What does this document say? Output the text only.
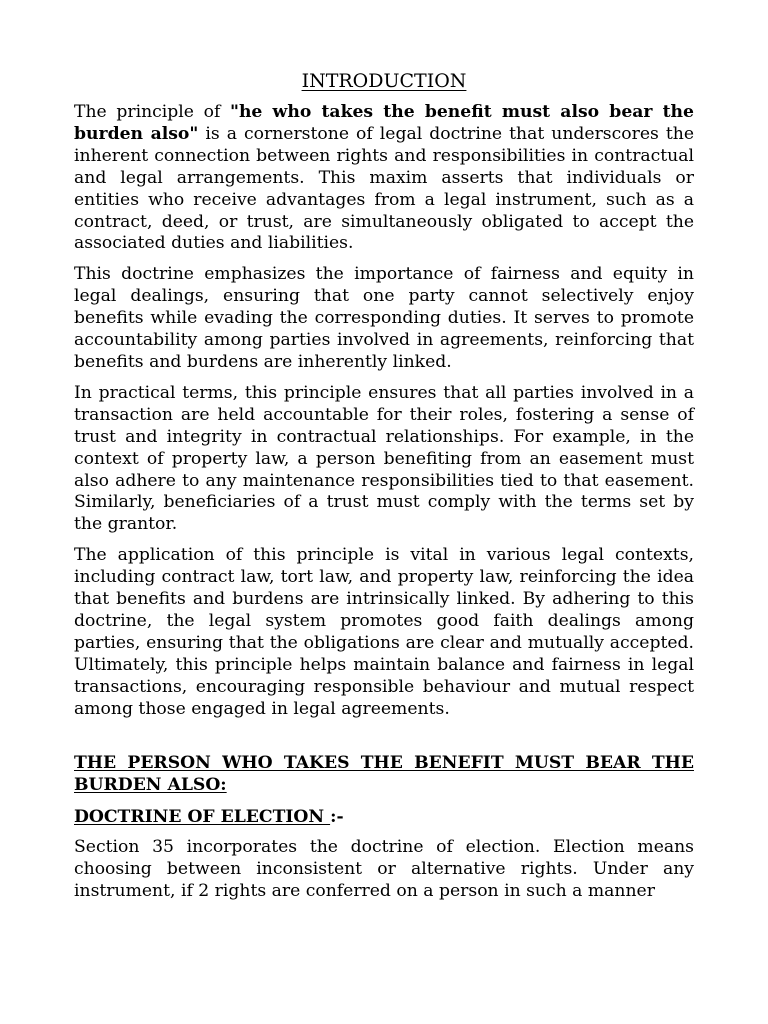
INTRODUCTION

The principle of "he who takes the benefit must also bear the burden also" is a cornerstone of legal doctrine that underscores the inherent connection between rights and responsibilities in contractual and legal arrangements. This maxim asserts that individuals or entities who receive advantages from a legal instrument, such as a contract, deed, or trust, are simultaneously obligated to accept the associated duties and liabilities.

This doctrine emphasizes the importance of fairness and equity in legal dealings, ensuring that one party cannot selectively enjoy benefits while evading the corresponding duties. It serves to promote accountability among parties involved in agreements, reinforcing that benefits and burdens are inherently linked.

In practical terms, this principle ensures that all parties involved in a transaction are held accountable for their roles, fostering a sense of trust and integrity in contractual relationships. For example, in the context of property law, a person benefiting from an easement must also adhere to any maintenance responsibilities tied to that easement. Similarly, beneficiaries of a trust must comply with the terms set by the grantor.

The application of this principle is vital in various legal contexts, including contract law, tort law, and property law, reinforcing the idea that benefits and burdens are intrinsically linked. By adhering to this doctrine, the legal system promotes good faith dealings among parties, ensuring that the obligations are clear and mutually accepted. Ultimately, this principle helps maintain balance and fairness in legal transactions, encouraging responsible behaviour and mutual respect among those engaged in legal agreements.

THE PERSON WHO TAKES THE BENEFIT MUST BEAR THE BURDEN ALSO:
DOCTRINE OF ELECTION :-

Section 35 incorporates the doctrine of election. Election means choosing between inconsistent or alternative rights. Under any instrument, if 2 rights are conferred on a person in such a manner
